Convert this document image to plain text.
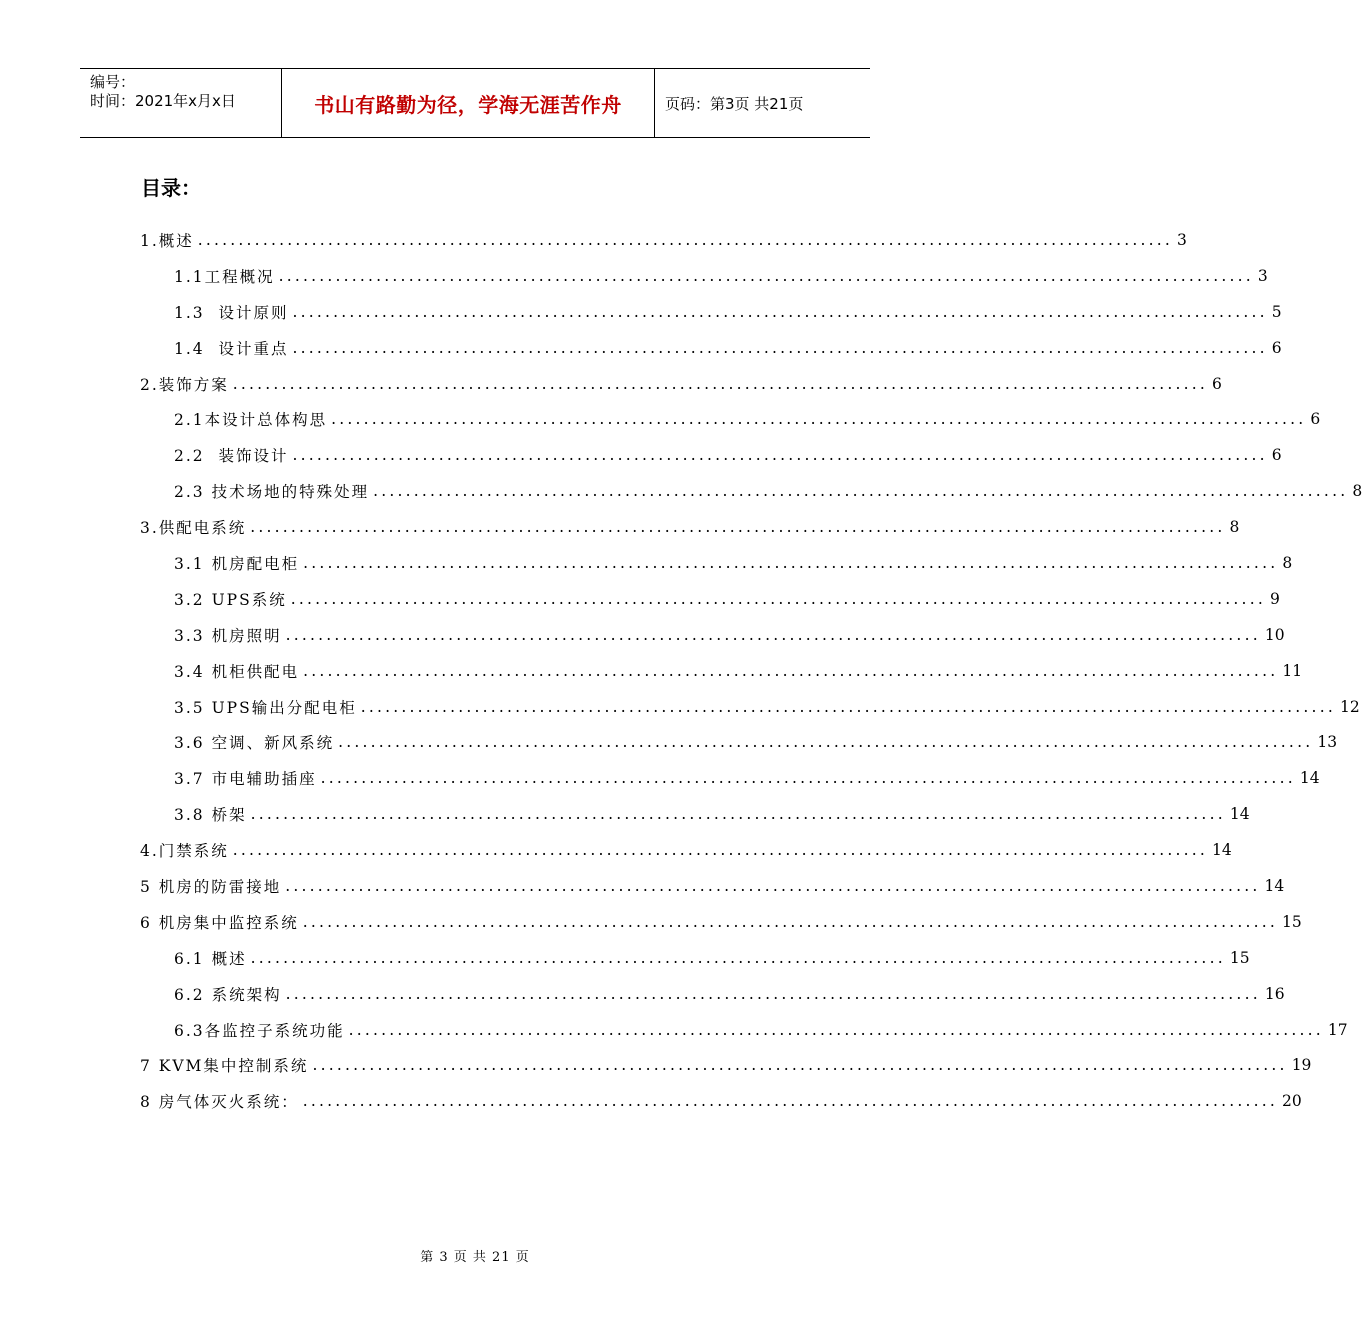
编号：
时间：2021年x月x日	书山有路勤为径，学海无涯苦作舟	页码：第3页 共21页
目录：
1.概述 ........................................................................................................................ 3
1.1工程概况 ........................................................................................................................ 3
1.3  设计原则 ........................................................................................................................ 5
1.4  设计重点 ........................................................................................................................ 6
2.装饰方案 ........................................................................................................................ 6
2.1本设计总体构思 ........................................................................................................................ 6
2.2  装饰设计 ........................................................................................................................ 6
2.3 技术场地的特殊处理 ........................................................................................................................ 8
3.供配电系统 ........................................................................................................................ 8
3.1 机房配电柜 ........................................................................................................................ 8
3.2 UPS系统 ........................................................................................................................ 9
3.3 机房照明 ........................................................................................................................ 10
3.4 机柜供配电 ........................................................................................................................ 11
3.5 UPS输出分配电柜 ........................................................................................................................ 12
3.6 空调、新风系统 ........................................................................................................................ 13
3.7 市电辅助插座 ........................................................................................................................ 14
3.8 桥架 ........................................................................................................................ 14
4.门禁系统 ........................................................................................................................ 14
5 机房的防雷接地 ........................................................................................................................ 14
6 机房集中监控系统 ........................................................................................................................ 15
6.1 概述 ........................................................................................................................ 15
6.2 系统架构 ........................................................................................................................ 16
6.3各监控子系统功能 ........................................................................................................................ 17
7 KVM集中控制系统 ........................................................................................................................ 19
8 房气体灭火系统： ........................................................................................................................ 20
第 3 页 共 21 页
